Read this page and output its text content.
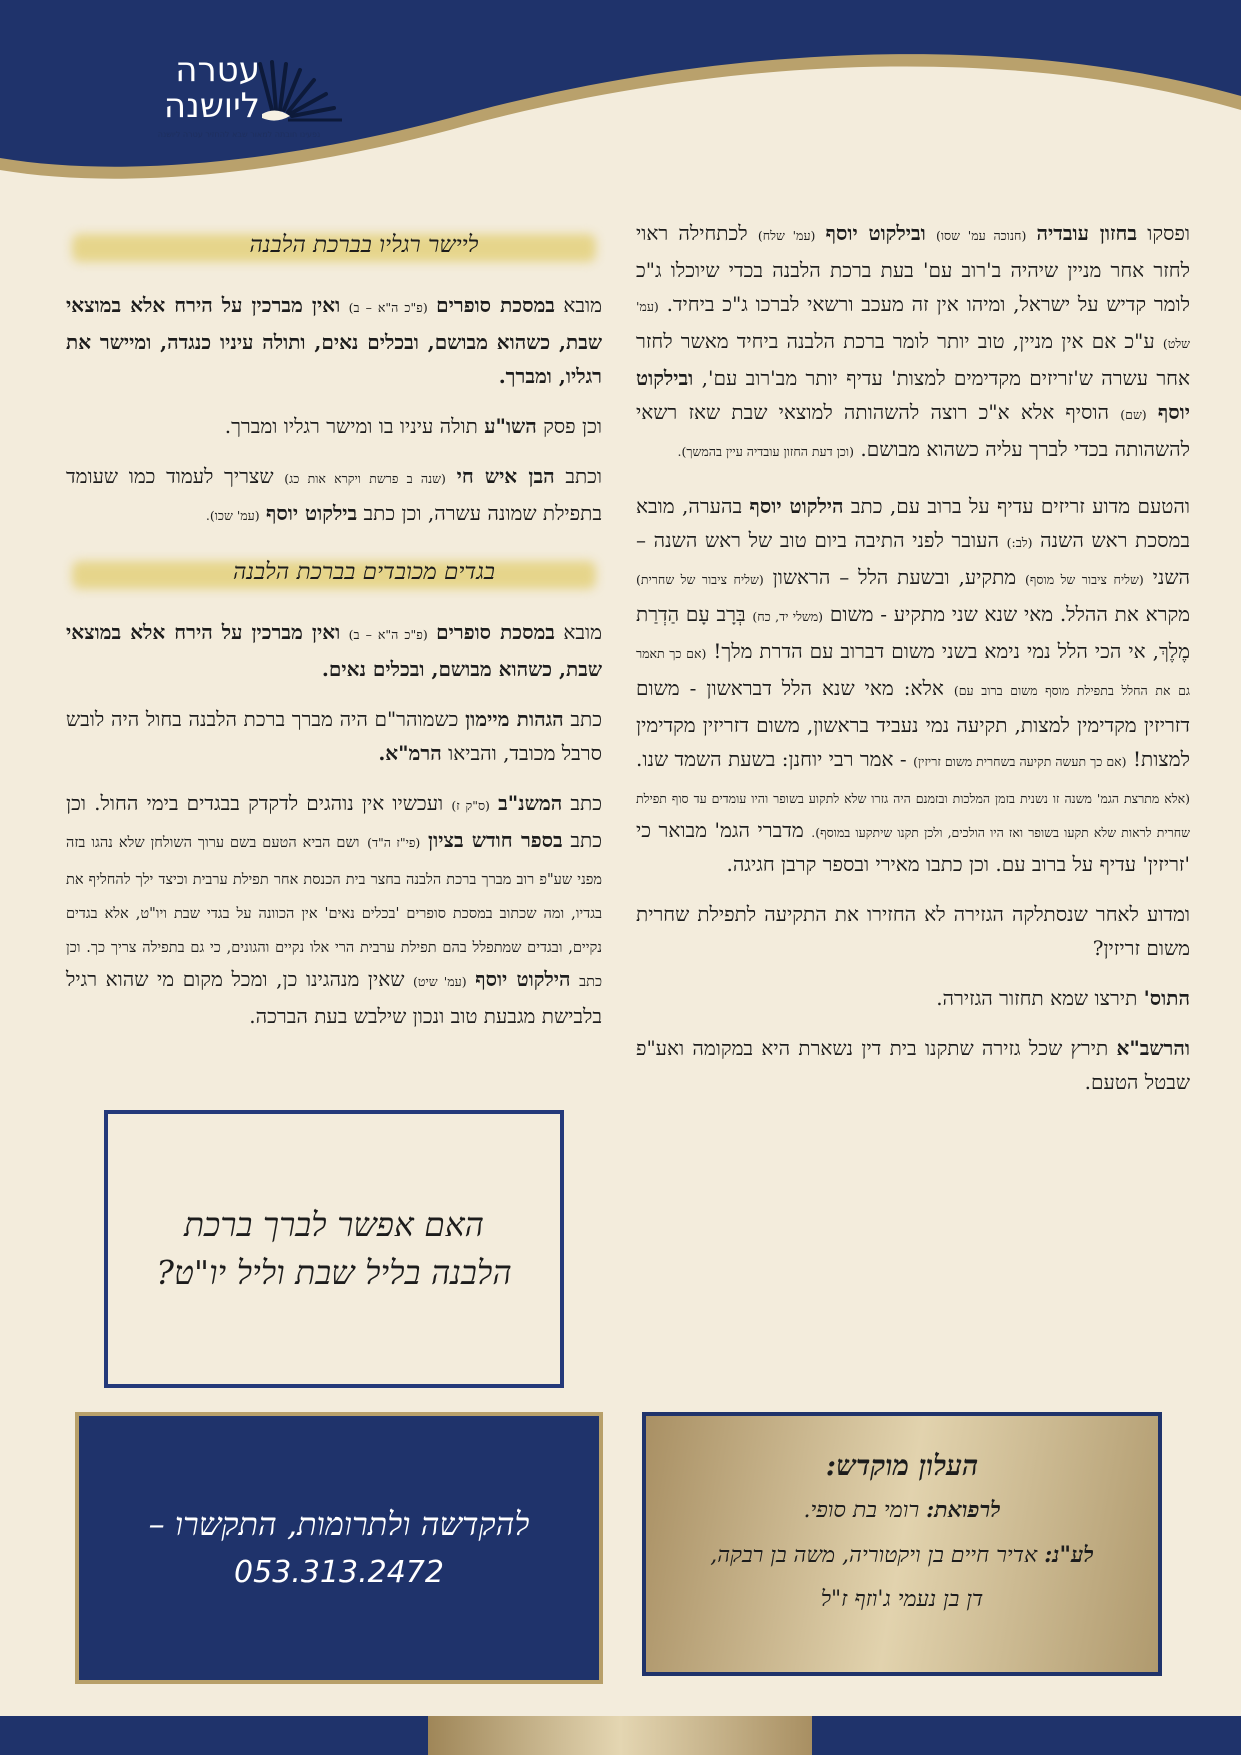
עטרה
ליושנה
נפעינו חובתה למאור שבא להחזיר עטרה ליושנה

ופסקו בחזון עובדיה (חנוכה עמ' שסו) ובילקוט יוסף (עמ' שלח) לכתחילה ראוי לחזר אחר מניין שיהיה ב'רוב עם' בעת ברכת הלבנה בכדי שיוכלו ג"כ לומר קדיש על ישראל, ומיהו אין זה מעכב ורשאי לברכו ג"כ ביחיד. (עמ' שלט) ע"כ אם אין מניין, טוב יותר לומר ברכת הלבנה ביחיד מאשר לחזר אחר עשרה ש'זריזים מקדימים למצות' עדיף יותר מב'רוב עם', ובילקוט יוסף (שם) הוסיף אלא א"כ רוצה להשהותה למוצאי שבת שאז רשאי להשהותה בכדי לברך עליה כשהוא מבושם. (וכן דעת החזון עובדיה עיין בהמשך).

והטעם מדוע זריזים עדיף על ברוב עם, כתב הילקוט יוסף בהערה, מובא במסכת ראש השנה (לב:) העובר לפני התיבה ביום טוב של ראש השנה – השני (שליח ציבור של מוסף) מתקיע, ובשעת הלל – הראשון (שליח ציבור של שחרית) מקרא את ההלל. מאי שנא שני מתקיע - משום (משלי יד, כח) בְּרָב עָם הַדְרַת מֶלֶךְ, אי הכי הלל נמי נימא בשני משום דברוב עם הדרת מלך! (אם כך תאמר גם את החלל בתפילת מוסף משום ברוב עם) אלא: מאי שנא הלל דבראשון - משום דזריזין מקדימין למצות, תקיעה נמי נעביד בראשון, משום דזריזין מקדימין למצות! (אם כך תעשה תקיעה בשחרית משום זריזין) - אמר רבי יוחנן: בשעת השמד שנו. (אלא מתרצת הגמ' משנה זו נשנית בזמן המלכות ובזמנם היה גזרו שלא לתקוע בשופר והיו עומדים עד סוף תפילת שחרית לראות שלא תקעו בשופר ואז היו הולכים, ולכן תקנו שיתקעו במוסף). מדברי הגמ' מבואר כי 'זריזין' עדיף על ברוב עם. וכן כתבו מאירי ובספר קרבן חגיגה.

ומדוע לאחר שנסתלקה הגזירה לא החזירו את התקיעה לתפילת שחרית משום זריזין?

התוס' תירצו שמא תחזור הגזירה.

והרשב"א תירץ שכל גזירה שתקנו בית דין נשארת היא במקומה ואע"פ שבטל הטעם.

ליישר רגליו בברכת הלבנה

מובא במסכת סופרים (פ"כ ה"א – ב) ואין מברכין על הירח אלא במוצאי שבת, כשהוא מבושם, ובכלים נאים, ותולה עיניו כנגדה, ומיישר את רגליו, ומברך.

וכן פסק השו"ע תולה עיניו בו ומישר רגליו ומברך.

וכתב הבן איש חי (שנה ב פרשת ויקרא אות כג) שצריך לעמוד כמו שעומד בתפילת שמונה עשרה, וכן כתב בילקוט יוסף (עמ' שכו).

בגדים מכובדים בברכת הלבנה

מובא במסכת סופרים (פ"כ ה"א – ב) ואין מברכין על הירח אלא במוצאי שבת, כשהוא מבושם, ובכלים נאים.

כתב הגהות מיימון כשמוהר"ם היה מברך ברכת הלבנה בחול היה לובש סרבל מכובד, והביאו הרמ"א.

כתב המשנ"ב (ס"ק ז) ועכשיו אין נוהגים לדקדק בבגדים בימי החול. וכן כתב בספר חודש בציון (פי"ז ה"ד) ושם הביא הטעם בשם ערוך השולחן שלא נהגו בזה מפני שע"פ רוב מברך ברכת הלבנה בחצר בית הכנסת אחר תפילת ערבית וכיצד ילך להחליף את בגדיו, ומה שכתוב במסכת סופרים 'בכלים נאים' אין הכוונה על בגדי שבת ויו"ט, אלא בגדים נקיים, ובגדים שמתפלל בהם תפילת ערבית הרי אלו נקיים והגונים, כי גם בתפילה צריך כך. וכן כתב הילקוט יוסף (עמ' שיט) שאין מנהגינו כן, ומכל מקום מי שהוא רגיל בלבישת מגבעת טוב ונכון שילבש בעת הברכה.

האם אפשר לברך ברכת הלבנה בליל שבת וליל יו"ט?
להקדשה ולתרומות, התקשרו –
053.313.2472
העלון מוקדש:
לרפואת: רומי בת סופי.
לע"נ: אדיר חיים בן ויקטוריה, משה בן רבקה,
דן בן נעמי ג'וזף ז"ל
